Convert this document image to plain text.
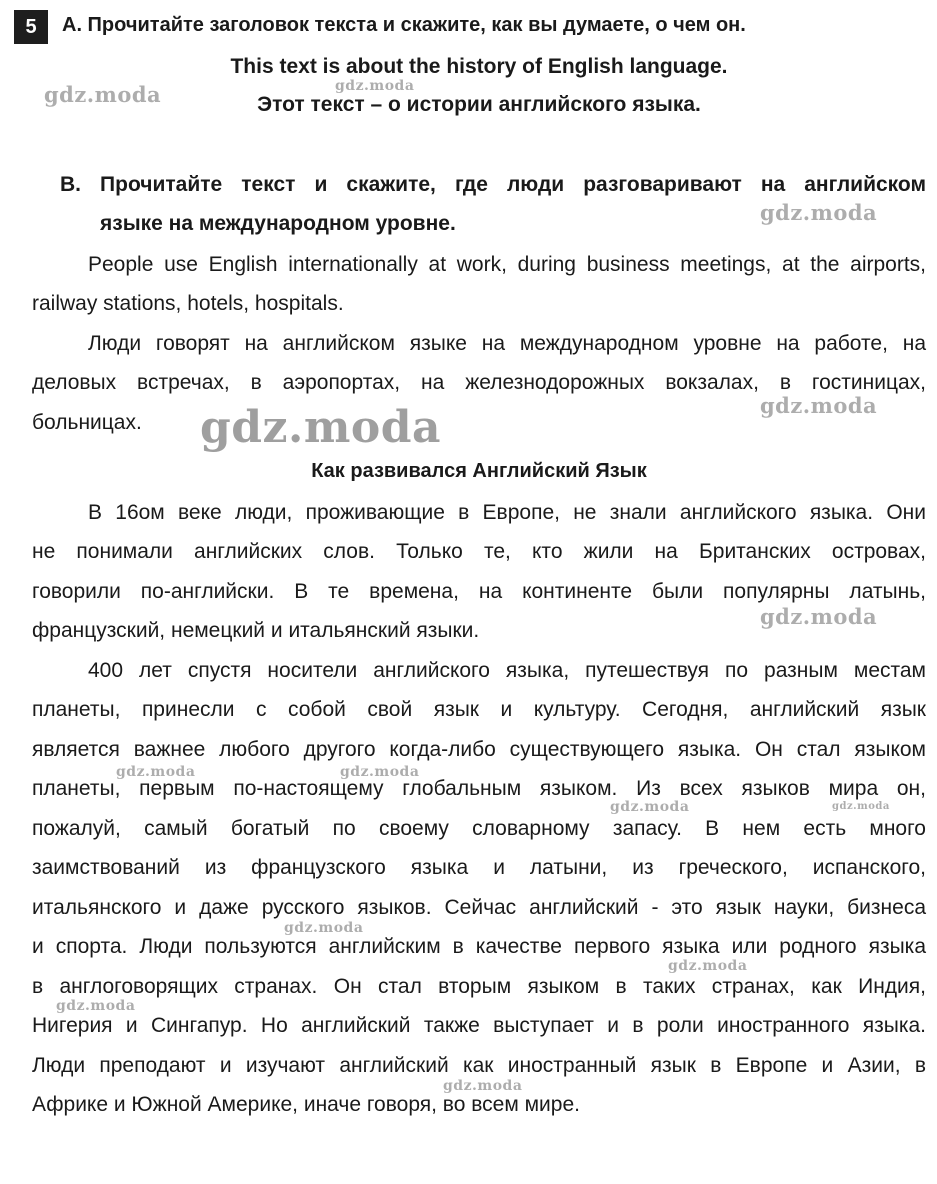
5	А. Прочитайте заголовок текста и скажите, как вы думаете, о чем он.
This text is about the history of English language.
Этот текст – о истории английского языка.
В. Прочитайте текст и скажите, где люди разговаривают на английском
языке на международном уровне.
People use English internationally at work, during business meetings, at the airports,
railway stations, hotels, hospitals.
Люди говорят на английском языке на международном уровне на работе, на
деловых встречах, в аэропортах, на железнодорожных вокзалах, в гостиницах,
больницах.
Как развивался Английский Язык
В 16ом веке люди, проживающие в Европе, не знали английского языка. Они
не понимали английских слов. Только те, кто жили на Британских островах,
говорили по-английски. В те времена, на континенте были популярны латынь,
французский, немецкий и итальянский языки.
400 лет спустя носители английского языка, путешествуя по разным местам
планеты, принесли с собой свой язык и культуру. Сегодня, английский язык
является важнее любого другого когда-либо существующего языка. Он стал языком
планеты, первым по-настоящему глобальным языком. Из всех языков мира он,
пожалуй, самый богатый по своему словарному запасу. В нем есть много
заимствований из французского языка и латыни, из греческого, испанского,
итальянского и даже русского языков. Сейчас английский - это язык науки, бизнеса
и спорта. Люди пользуются английским в качестве первого языка или родного языка
в англоговорящих странах. Он стал вторым языком в таких странах, как Индия,
Нигерия и Сингапур. Но английский также выступает и в роли иностранного языка.
Люди преподают и изучают английский как иностранный язык в Европе и Азии, в
Африке и Южной Америке, иначе говоря, во всем мире.
gdz.moda	gdz.moda
gdz.moda
gdz.moda
gdz.moda
gdz.moda
gdz.moda	gdz.moda
gdz.moda	gdz.moda
gdz.moda
gdz.moda
gdz.moda
gdz.moda
